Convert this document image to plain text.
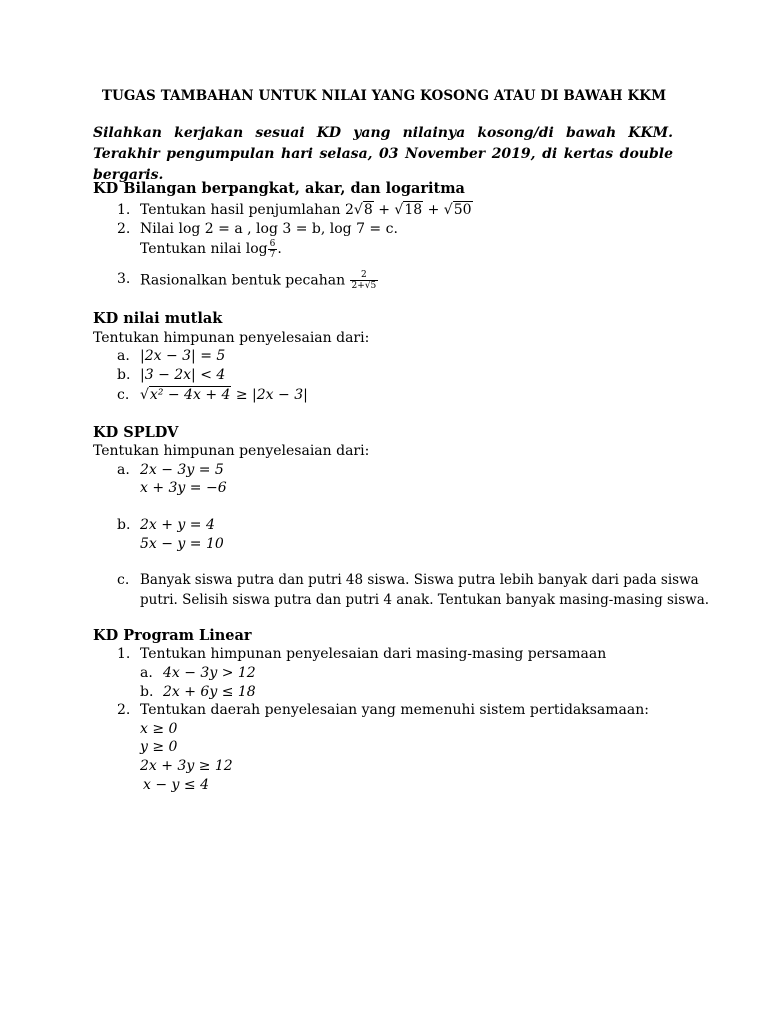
TUGAS TAMBAHAN UNTUK NILAI YANG KOSONG ATAU DI BAWAH KKM
Silahkan kerjakan sesuai KD yang nilainya kosong/di bawah KKM. Terakhir pengumpulan hari selasa, 03 November 2019, di kertas double bergaris.
KD Bilangan berpangkat, akar, dan logaritma
1. Tentukan hasil penjumlahan 2√8 + √18 + √50
2. Nilai log 2 = a , log 3 = b, log 7 = c.
Tentukan nilai $\log \frac{6}{7}$ .
3. Rasionalkan bentuk pecahan $\frac{2}{2+√5}$
KD nilai mutlak
Tentukan himpunan penyelesaian dari:
a. |2x − 3| = 5
b. |3 − 2x| < 4
c. √x² − 4x + 4 ≥ |2x − 3|
KD SPLDV
Tentukan himpunan penyelesaian dari:
a. 2x − 3y = 5
x + 3y = −6
b. 2x + y = 4
5x − y = 10
c. Banyak siswa putra dan putri 48 siswa. Siswa putra lebih banyak dari pada siswa
putri. Selisih siswa putra dan putri 4 anak. Tentukan banyak masing-masing siswa.
KD Program Linear
1. Tentukan himpunan penyelesaian dari masing-masing persamaan
a. 4x − 3y > 12
b. 2x + 6y ≤ 18
2. Tentukan daerah penyelesaian yang memenuhi sistem pertidaksamaan:
x ≥ 0
y ≥ 0
2x + 3y ≥ 12
x − y ≤ 4
